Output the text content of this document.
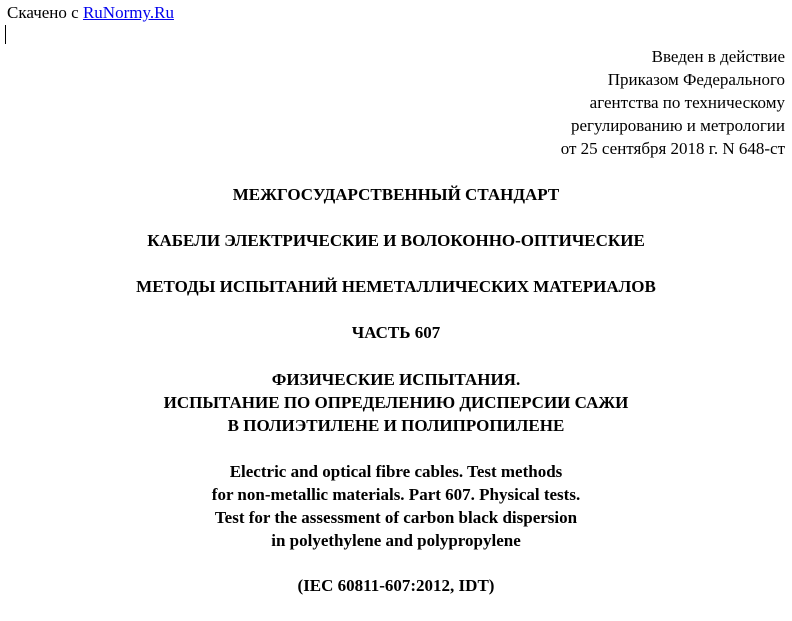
Скачено с RuNormy.Ru
Введен в действие
Приказом Федерального
агентства по техническому
регулированию и метрологии
от 25 сентября 2018 г. N 648-ст
МЕЖГОСУДАРСТВЕННЫЙ СТАНДАРТ
КАБЕЛИ ЭЛЕКТРИЧЕСКИЕ И ВОЛОКОННО-ОПТИЧЕСКИЕ
МЕТОДЫ ИСПЫТАНИЙ НЕМЕТАЛЛИЧЕСКИХ МАТЕРИАЛОВ
ЧАСТЬ 607
ФИЗИЧЕСКИЕ ИСПЫТАНИЯ.
ИСПЫТАНИЕ ПО ОПРЕДЕЛЕНИЮ ДИСПЕРСИИ САЖИ
В ПОЛИЭТИЛЕНЕ И ПОЛИПРОПИЛЕНЕ
Electric and optical fibre cables. Test methods
for non-metallic materials. Part 607. Physical tests.
Test for the assessment of carbon black dispersion
in polyethylene and polypropylene
(IEC 60811-607:2012, IDT)
